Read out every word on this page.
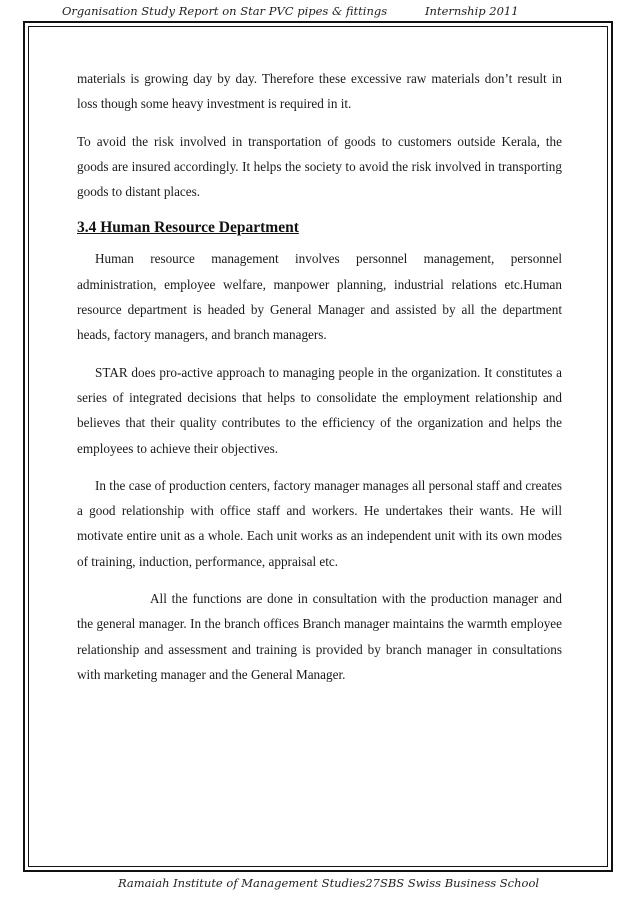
Organisation Study Report on Star PVC pipes & fittings	Internship 2011

materials is growing day by day. Therefore these excessive raw materials don’t result in loss though some heavy investment is required in it.

To avoid the risk involved in transportation of goods to customers outside Kerala, the goods are insured accordingly. It helps the society to avoid the risk involved in transporting goods to distant places.

3.4 Human Resource Department

Human resource management involves personnel management, personnel administration, employee welfare, manpower planning, industrial relations etc.Human resource department is headed by General Manager and assisted by all the department heads, factory managers, and branch managers.

STAR does pro-active approach to managing people in the organization. It constitutes a series of integrated decisions that helps to consolidate the employment relationship and believes that their quality contributes to the efficiency of the organization and helps the employees to achieve their objectives.

In the case of production centers, factory manager manages all personal staff and creates a good relationship with office staff and workers. He undertakes their wants. He will motivate entire unit as a whole. Each unit works as an independent unit with its own modes of training, induction, performance, appraisal etc.

All the functions are done in consultation with the production manager and the general manager. In the branch offices Branch manager maintains the warmth employee relationship and assessment and training is provided by branch manager in consultations with marketing manager and the General Manager.

Ramaiah Institute of Management Studies27SBS Swiss Business School
